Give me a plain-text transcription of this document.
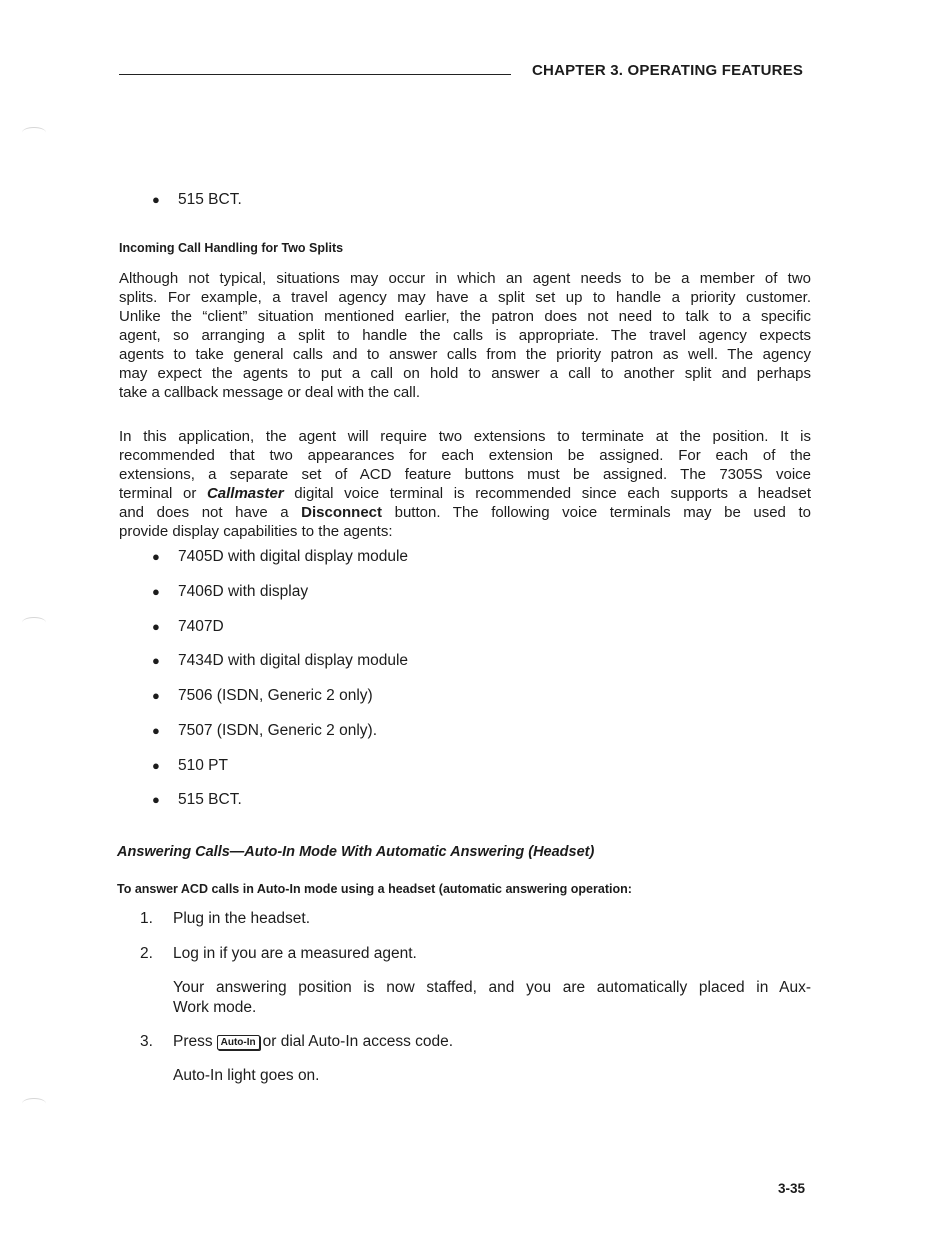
CHAPTER 3. OPERATING FEATURES
● 515 BCT.
Incoming Call Handling for Two Splits
Although not typical, situations may occur in which an agent needs to be a member of two
splits. For example, a travel agency may have a split set up to handle a priority customer.
Unlike the “client” situation mentioned earlier, the patron does not need to talk to a specific
agent, so arranging a split to handle the calls is appropriate. The travel agency expects
agents to take general calls and to answer calls from the priority patron as well. The agency
may expect the agents to put a call on hold to answer a call to another split and perhaps
take a callback message or deal with the call.
In this application, the agent will require two extensions to terminate at the position. It is
recommended that two appearances for each extension be assigned. For each of the
extensions, a separate set of ACD feature buttons must be assigned. The 7305S voice
terminal or Callmaster digital voice terminal is recommended since each supports a headset
and does not have a Disconnect button. The following voice terminals may be used to
provide display capabilities to the agents:
● 7405D with digital display module
● 7406D with display
● 7407D
● 7434D with digital display module
● 7506 (ISDN, Generic 2 only)
● 7507 (ISDN, Generic 2 only).
● 510 PT
● 515 BCT.
Answering Calls—Auto-In Mode With Automatic Answering (Headset)
To answer ACD calls in Auto-In mode using a headset (automatic answering operation:
1. Plug in the headset.
2. Log in if you are a measured agent.
Your answering position is now staffed, and you are automatically placed in Aux-
Work mode.
3. Press Auto-In or dial Auto-In access code.
Auto-In light goes on.
3-35
